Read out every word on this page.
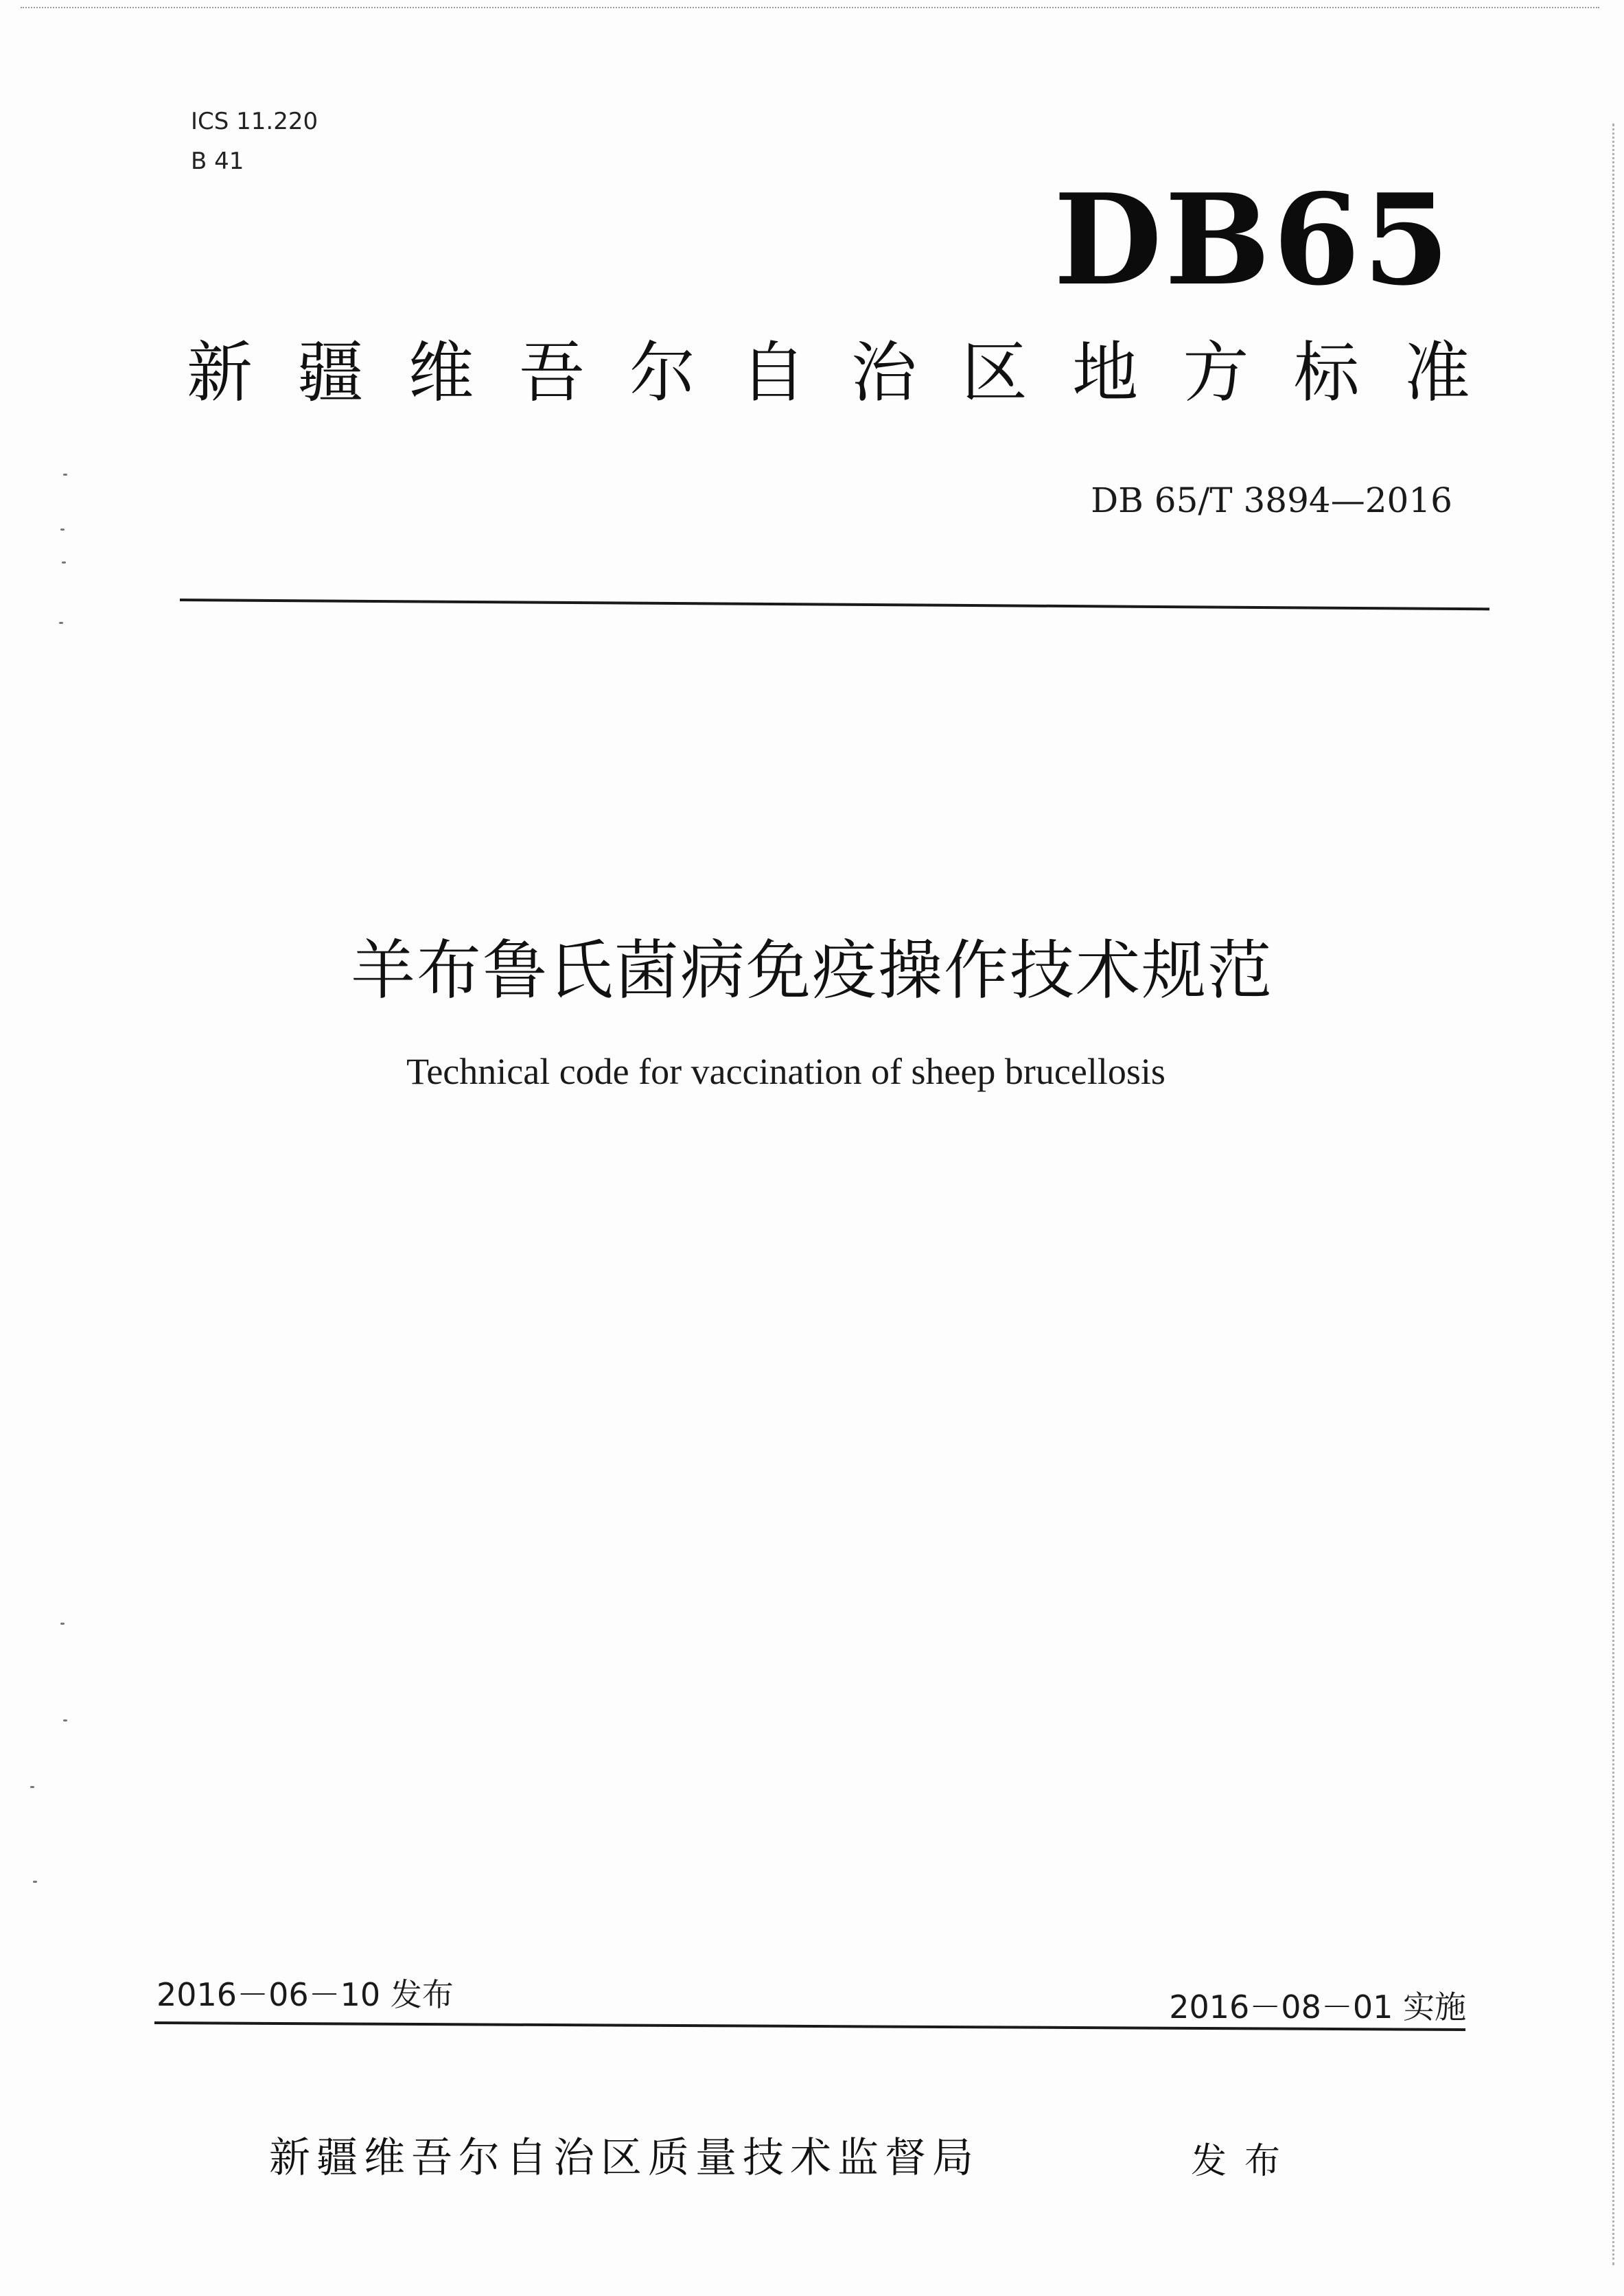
ICS 11.220
B 41
DB65
新 疆 维 吾 尔 自 治 区 地 方 标 准
DB 65/T 3894—2016
羊布鲁氏菌病免疫操作技术规范
Technical code for vaccination of sheep brucellosis
2016－06－10 发布	2016－08－01 实施
新疆维吾尔自治区质量技术监督局	发布
